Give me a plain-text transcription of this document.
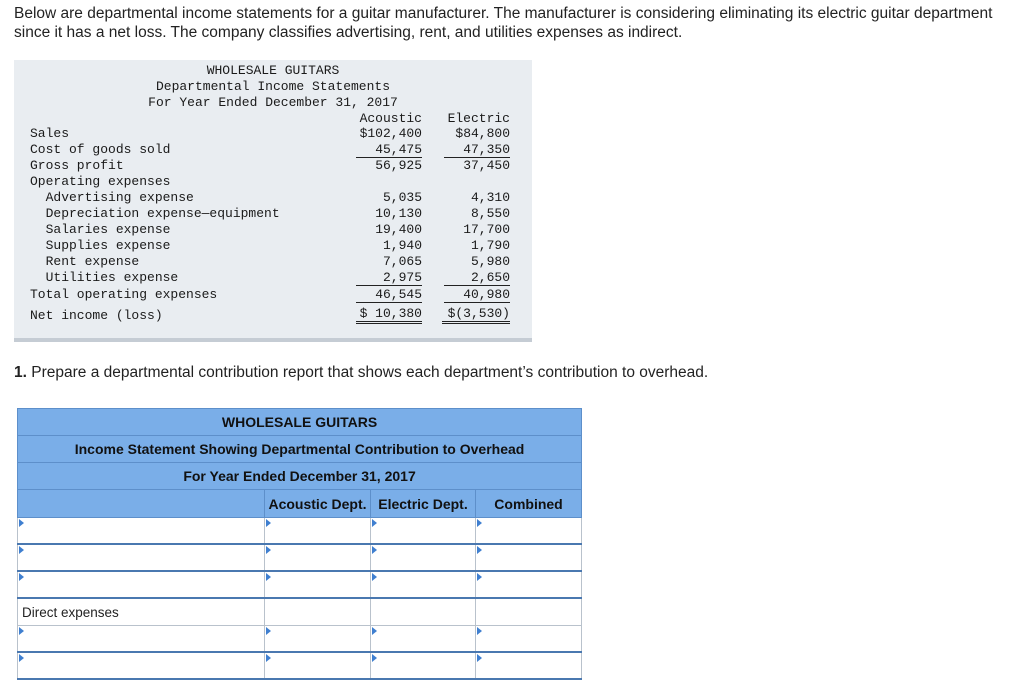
Below are departmental income statements for a guitar manufacturer. The manufacturer is considering eliminating its electric guitar department since it has a net loss. The company classifies advertising, rent, and utilities expenses as indirect.
WHOLESALE GUITARS
Departmental Income Statements
For Year Ended December 31, 2017
Acoustic	Electric
Sales	$102,400	$84,800
Cost of goods sold	45,475	47,350
Gross profit	56,925	37,450
Operating expenses
Advertising expense	5,035	4,310
Depreciation expense—equipment	10,130	8,550
Salaries expense	19,400	17,700
Supplies expense	1,940	1,790
Rent expense	7,065	5,980
Utilities expense	2,975	2,650
Total operating expenses	46,545	40,980
Net income (loss)	$ 10,380	$(3,530)
1. Prepare a departmental contribution report that shows each department’s contribution to overhead.
WHOLESALE GUITARS			
Income Statement Showing Departmental Contribution to Overhead			
For Year Ended December 31, 2017			
	Acoustic Dept.	Electric Dept.	Combined

Direct expenses			
